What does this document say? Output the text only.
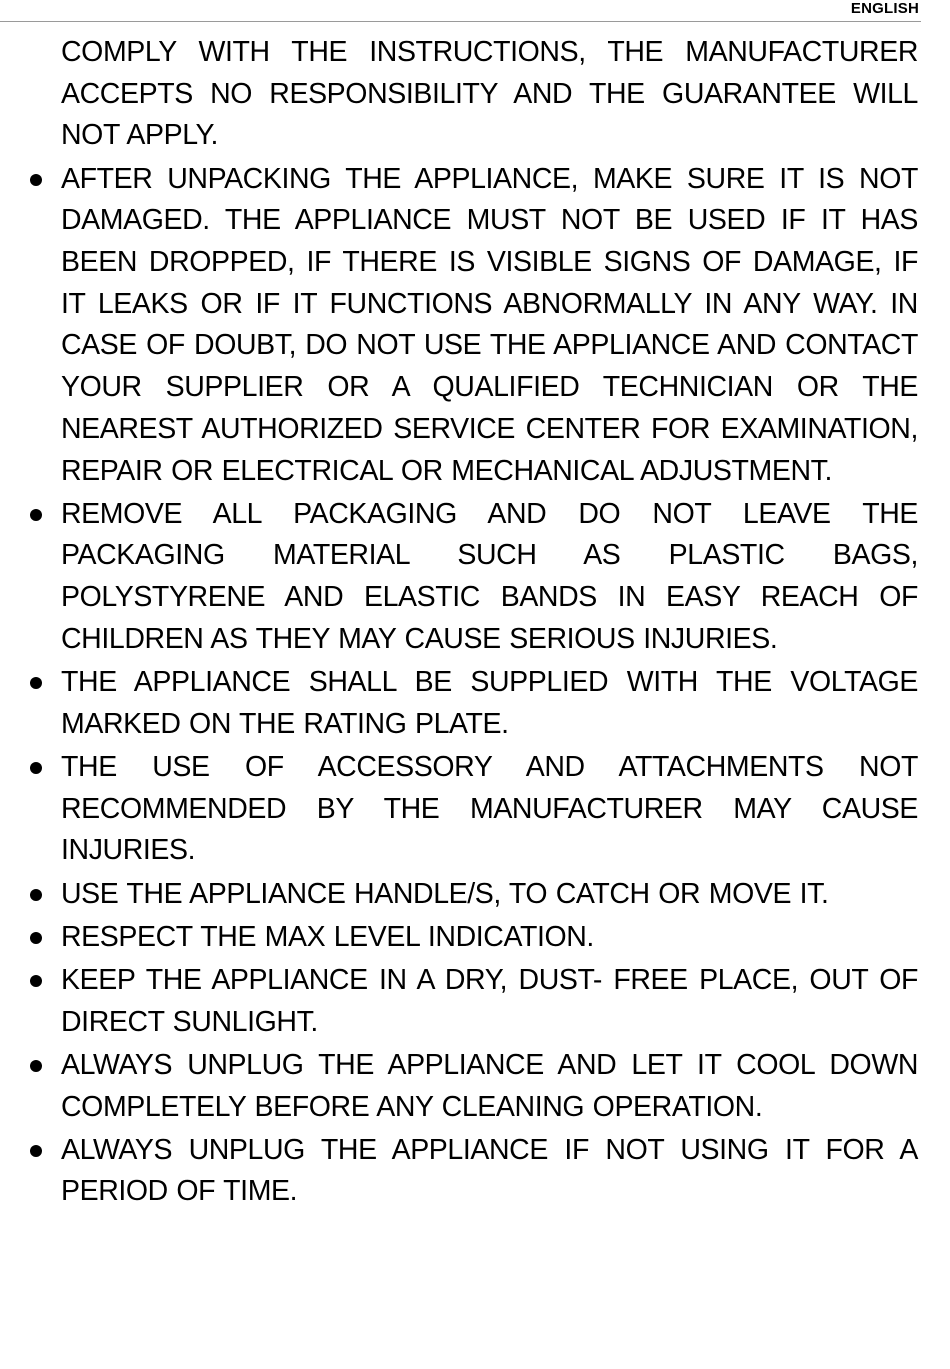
ENGLISH
COMPLY WITH THE INSTRUCTIONS, THE MANUFACTURER ACCEPTS NO RESPONSIBILITY AND THE GUARANTEE WILL NOT APPLY.
AFTER UNPACKING THE APPLIANCE, MAKE SURE IT IS NOT DAMAGED. THE APPLIANCE MUST NOT BE USED IF IT HAS BEEN DROPPED, IF THERE IS VISIBLE SIGNS OF DAMAGE, IF IT LEAKS OR IF IT FUNCTIONS ABNORMALLY IN ANY WAY. IN CASE OF DOUBT, DO NOT USE THE APPLIANCE AND CONTACT YOUR SUPPLIER OR A QUALIFIED TECHNICIAN OR THE NEAREST AUTHORIZED SERVICE CENTER FOR EXAMINATION, REPAIR OR ELECTRICAL OR MECHANICAL ADJUSTMENT.
REMOVE ALL PACKAGING AND DO NOT LEAVE THE PACKAGING MATERIAL SUCH AS PLASTIC BAGS, POLYSTYRENE AND ELASTIC BANDS IN EASY REACH OF CHILDREN AS THEY MAY CAUSE SERIOUS INJURIES.
THE APPLIANCE SHALL BE SUPPLIED WITH THE VOLTAGE MARKED ON THE RATING PLATE.
THE USE OF ACCESSORY AND ATTACHMENTS NOT RECOMMENDED BY THE MANUFACTURER MAY CAUSE INJURIES.
USE THE APPLIANCE HANDLE/S, TO CATCH OR MOVE IT.
RESPECT THE MAX LEVEL INDICATION.
KEEP THE APPLIANCE IN A DRY, DUST- FREE PLACE, OUT OF DIRECT SUNLIGHT.
ALWAYS UNPLUG THE APPLIANCE AND LET IT COOL DOWN COMPLETELY BEFORE ANY CLEANING OPERATION.
ALWAYS UNPLUG THE APPLIANCE IF NOT USING IT FOR A PERIOD OF TIME.
